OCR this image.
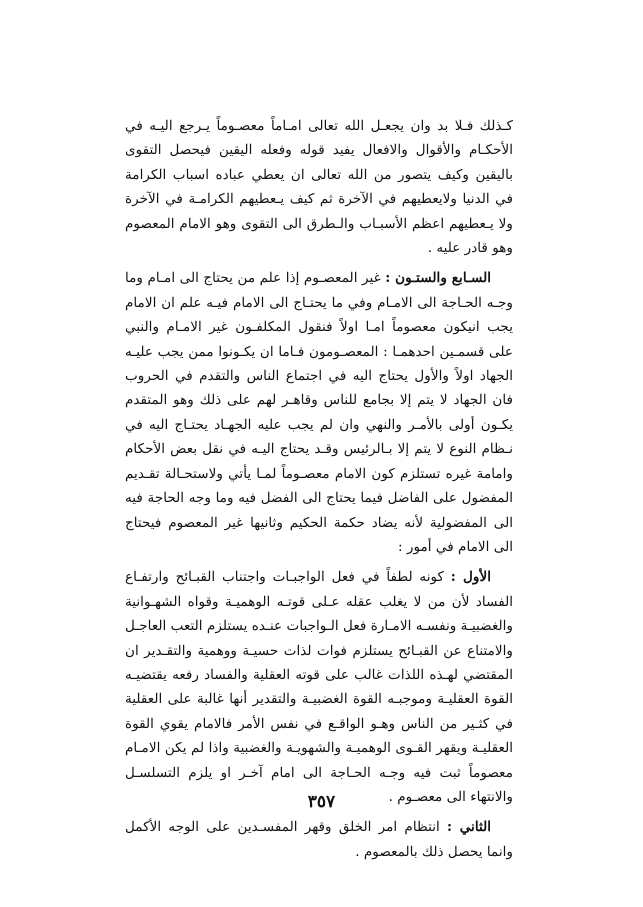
كـذلك فـلا بد وان يجعـل الله تعالى امـاماً معصـوماً يـرجع اليـه في الأحكـام والأقوال والافعال يفيد قوله وفعله اليقين فيحصل التقوى باليقين وكيف يتصور من الله تعالى ان يعطي عباده اسباب الكرامة في الدنيا ولايعطيهم في الآخرة ثم كيف يـعطيهم الكرامـة في الآخرة ولا يـعطيهم اعظم الأسبـاب والـطرق الى التقوى وهو الامام المعصوم وهو قادر عليه .

السـابع والستـون : غير المعصـوم إذا علم من يحتاج الى امـام وما وجـه الحـاجة الى الامـام وفي ما يحتـاج الى الامام فيـه علم ان الامام يجب انيكون معصوماً امـا اولاً فنقول المكلفـون غير الامـام والنبي على قسمـين احدهمـا : المعصـومون فـاما ان يكـونوا ممن يجب عليـه الجهاد اولاً والأول يحتاج اليه في اجتماع الناس والتقدم في الحروب فان الجهاد لا يتم إلا بجامع للناس وقاهـر لهم على ذلك وهو المتقدم يكـون أولى بالأمـر والنهي وان لم يجب عليه الجهـاد يحتـاج اليه في نـظام النوع لا يتم إلا بـالرئيس وقـد يحتاج اليـه في نقل بعض الأحكام وامامة غيره تستلزم كون الامام معصـوماً لمـا يأتي ولاستحـالة تقـديم المفضول على الفاضل فيما يحتاج الى الفضل فيه وما وجه الحاجة فيه الى المفضولية لأنه يضاد حكمة الحكيم وثانيها غير المعصوم فيحتاج الى الامام في أمور :

الأول : كونه لطفاً في فعل الواجبـات واجتناب القبـائح وارتفـاع الفساد لأن من لا يغلب عقله عـلى قوتـه الوهميـة وقواه الشهـوانية والغضبيـة ونفسـه الامـارة فعل الـواجبات عنـده يستلزم التعب العاجـل والامتناع عن القبـائح يستلزم فوات لذات حسيـة ووهمية والتقـدير ان المقتضي لهـذه اللذات غالب على قوته العقلية والفساد رفعه يقتضيـه القوة العقليـة وموجبـه القوة الغضبيـة والتقدير أنها غالبة على العقلية في كثـير من الناس وهـو الواقـع في نفس الأمر فالامام يقوي القوة العقليـة ويقهر القـوى الوهميـة والشهويـة والغضبية واذا لم يكن الامـام معصوماً ثبت فيه وجـه الحـاجة الى امام آخـر او يلزم التسلسـل والانتهاء الى معصـوم .

الثاني : انتظام امر الخلق وقهر المفسـدين على الوجه الأكمل وانما يحصل ذلك بالمعصوم .

٣٥٧
